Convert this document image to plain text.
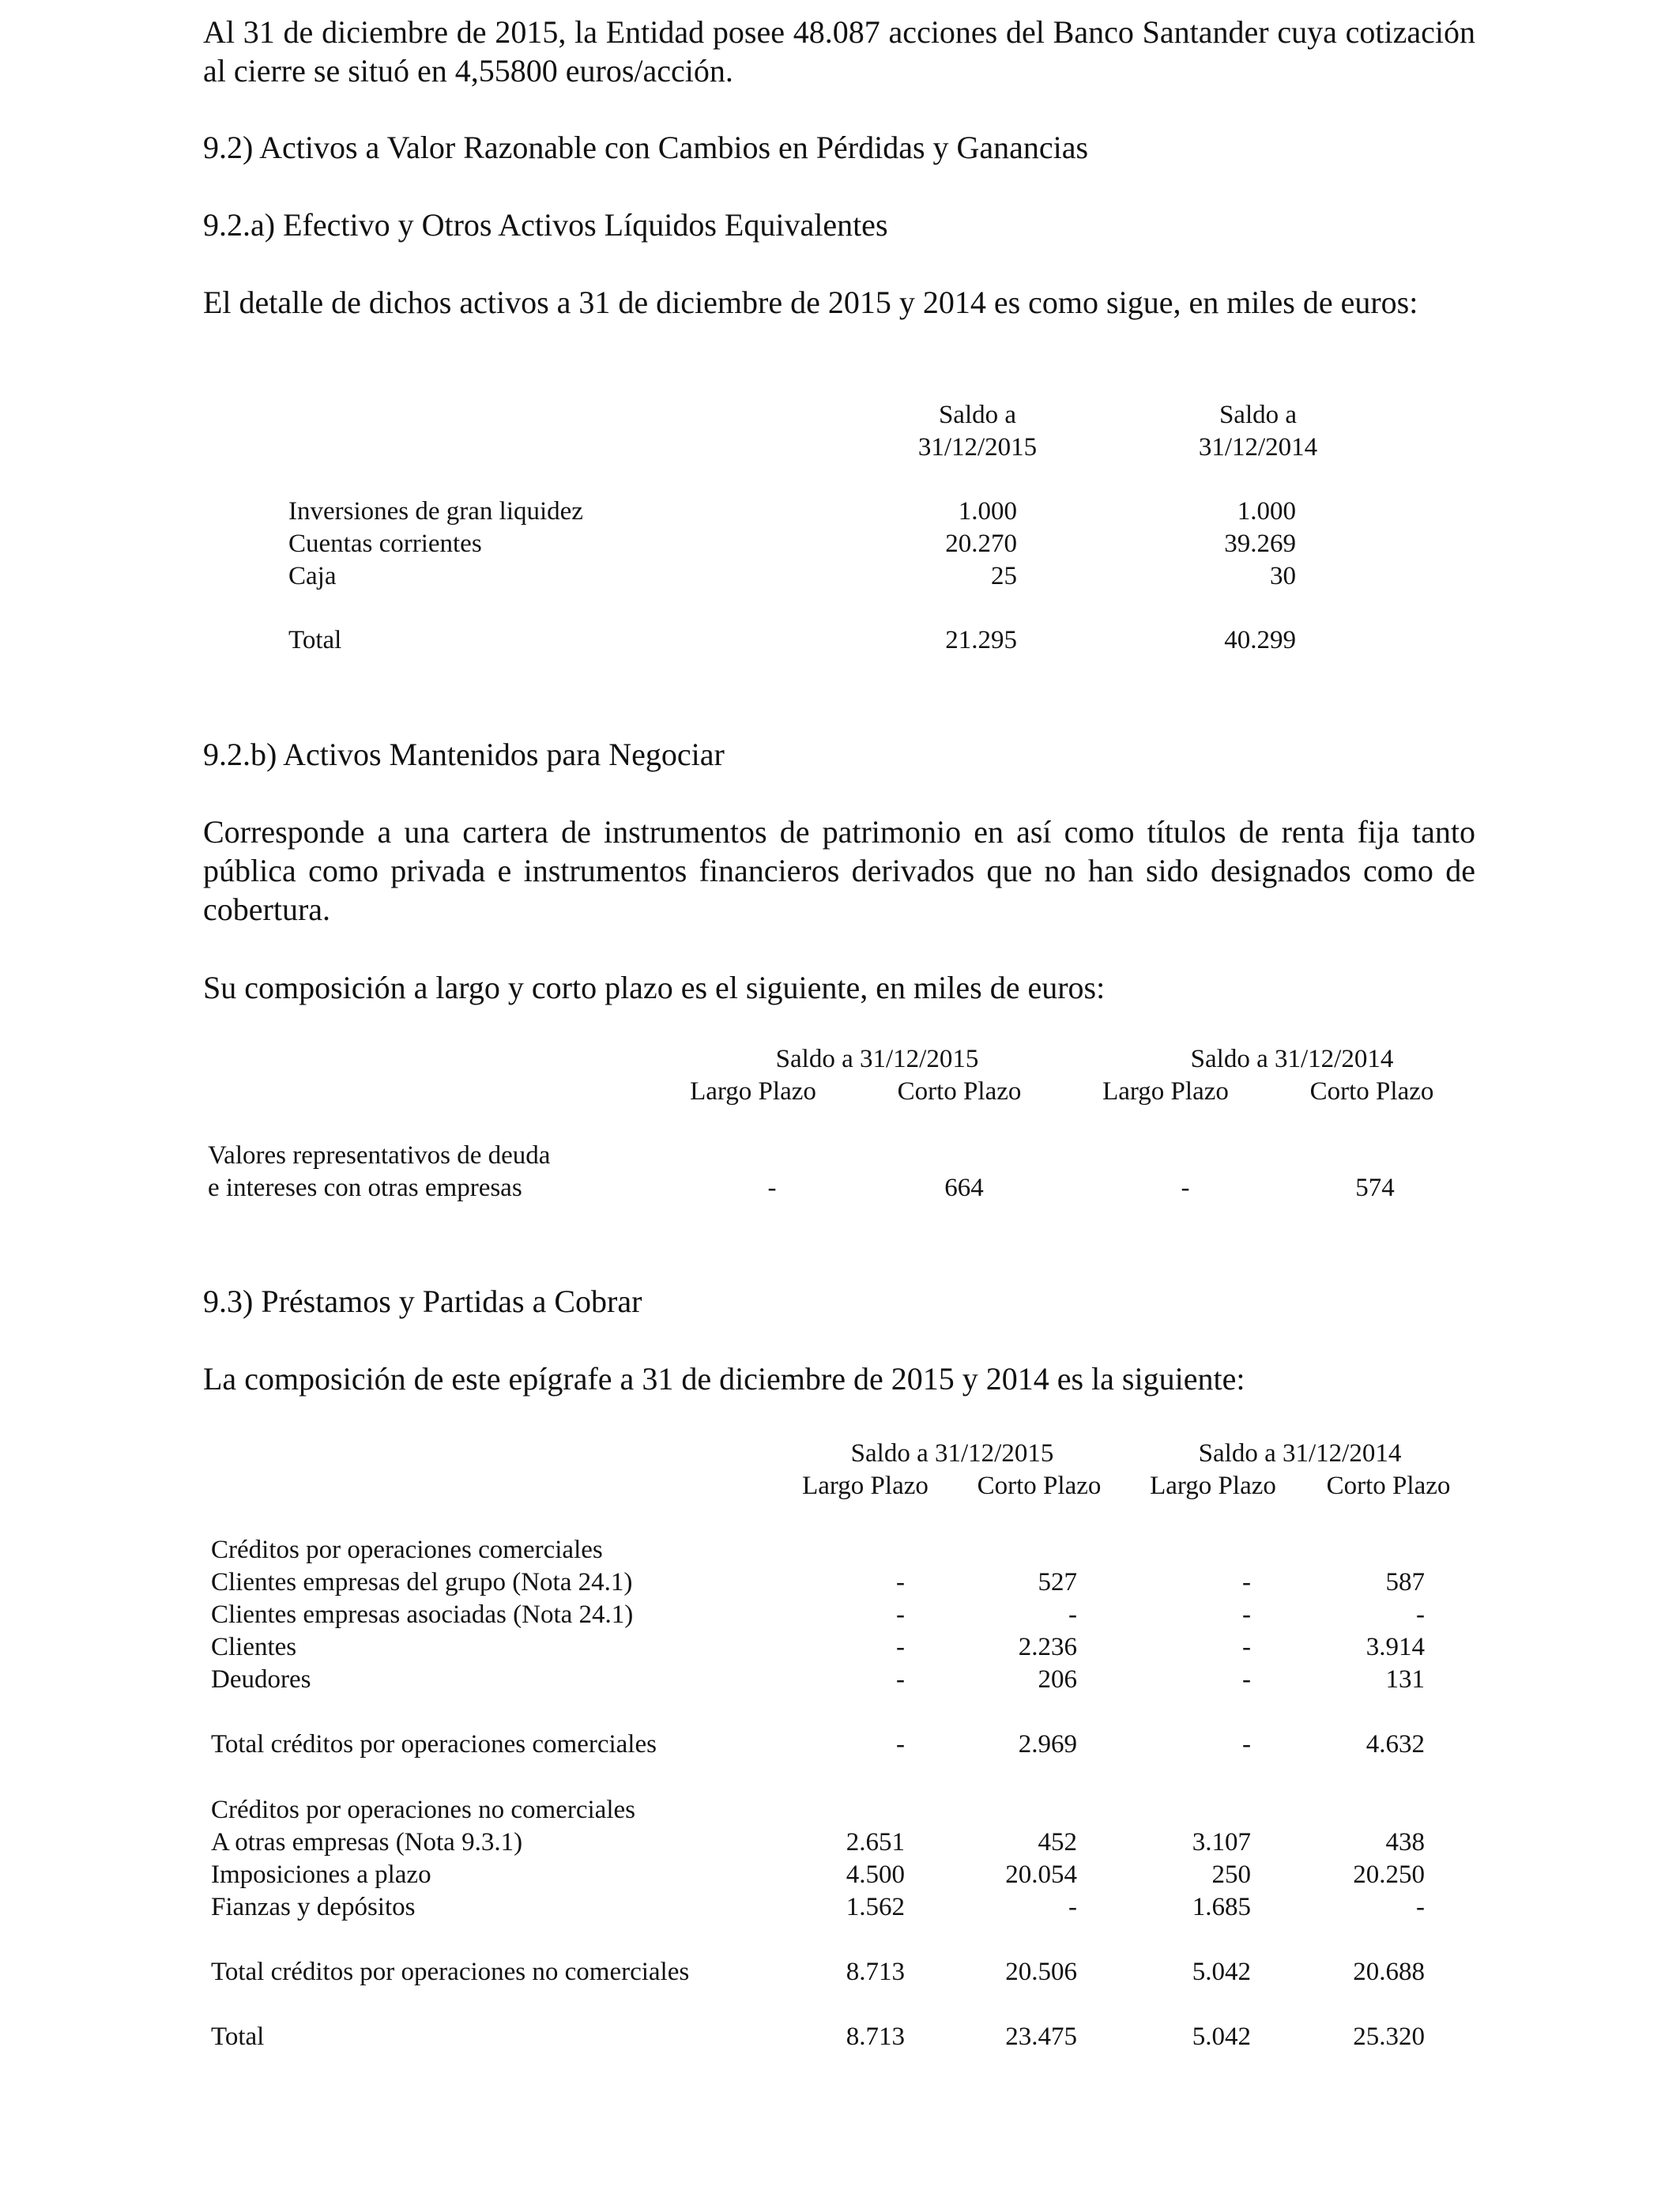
Al 31 de diciembre de 2015, la Entidad posee 48.087 acciones del Banco Santander cuya cotización al cierre se situó en 4,55800 euros/acción.

9.2) Activos a Valor Razonable con Cambios en Pérdidas y Ganancias
9.2.a) Efectivo y Otros Activos Líquidos Equivalentes

El detalle de dichos activos a 31 de diciembre de 2015 y 2014 es como sigue, en miles de euros:

Saldo a
31/12/2015
Saldo a
31/12/2014
Inversiones de gran liquidez	1.000	1.000
Cuentas corrientes	20.270	39.269
Caja	25	30
Total	21.295	40.299
9.2.b) Activos Mantenidos para Negociar

Corresponde a una cartera de instrumentos de patrimonio en así como títulos de renta fija tanto pública como privada e instrumentos financieros derivados que no han sido designados como de cobertura.

Su composición a largo y corto plazo es el siguiente, en miles de euros:
Saldo a 31/12/2015	Saldo a 31/12/2014
Largo Plazo	Corto Plazo	Largo Plazo	Corto Plazo
Valores representativos de deuda
e intereses con otras empresas	-	664	-	574
9.3) Préstamos y Partidas a Cobrar
La composición de este epígrafe a 31 de diciembre de 2015 y 2014 es la siguiente:
Saldo a 31/12/2015	Saldo a 31/12/2014
Largo Plazo	Corto Plazo	Largo Plazo	Corto Plazo
Créditos por operaciones comerciales
Clientes empresas del grupo (Nota 24.1)	-	527	-	587
Clientes empresas asociadas (Nota 24.1)	-	-	-	-
Clientes	-	2.236	-	3.914
Deudores	-	206	-	131
Total créditos por operaciones comerciales	-	2.969	-	4.632
Créditos por operaciones no comerciales
A otras empresas (Nota 9.3.1)	2.651	452	3.107	438
Imposiciones a plazo	4.500	20.054	250	20.250
Fianzas y depósitos	1.562	-	1.685	-
Total créditos por operaciones no comerciales	8.713	20.506	5.042	20.688
Total	8.713	23.475	5.042	25.320
